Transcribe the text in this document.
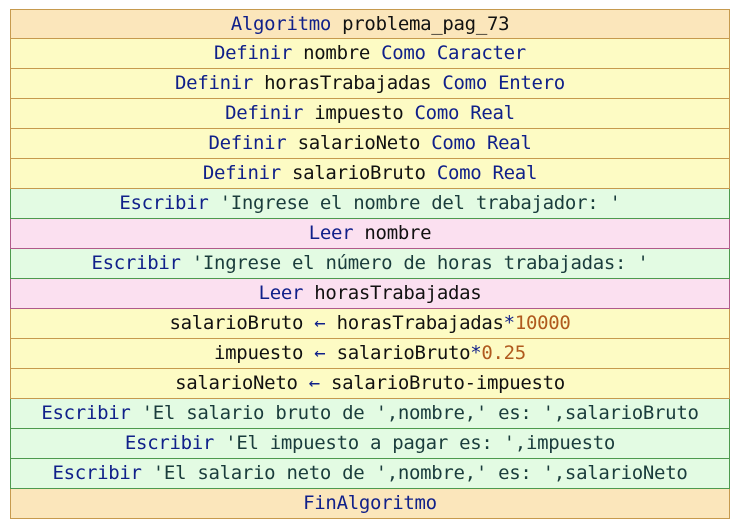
Algoritmo problema_pag_73
Definir nombre Como Caracter
Definir horasTrabajadas Como Entero
Definir impuesto Como Real
Definir salarioNeto Como Real
Definir salarioBruto Como Real
Escribir 'Ingrese el nombre del trabajador: '
Leer nombre
Escribir 'Ingrese el número de horas trabajadas: '
Leer horasTrabajadas
salarioBruto ← horasTrabajadas*10000
impuesto ← salarioBruto*0.25
salarioNeto ← salarioBruto-impuesto
Escribir 'El salario bruto de ',nombre,' es: ',salarioBruto
Escribir 'El impuesto a pagar es: ',impuesto
Escribir 'El salario neto de ',nombre,' es: ',salarioNeto
FinAlgoritmo
